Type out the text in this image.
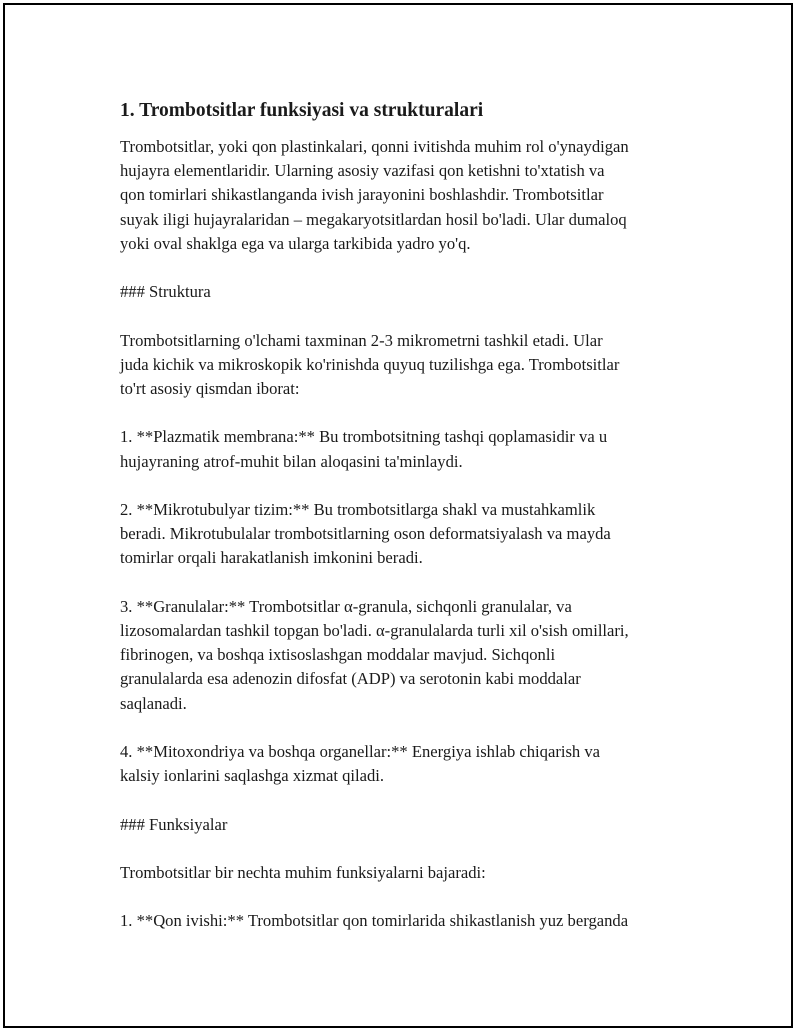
1. Trombotsitlar funksiyasi va strukturalari
Trombotsitlar, yoki qon plastinkalari, qonni ivitishda muhim rol o'ynaydigan
hujayra elementlaridir. Ularning asosiy vazifasi qon ketishni to'xtatish va
qon tomirlari shikastlanganda ivish jarayonini boshlashdir. Trombotsitlar
suyak iligi hujayralaridan – megakaryotsitlardan hosil bo'ladi. Ular dumaloq
yoki oval shaklga ega va ularga tarkibida yadro yo'q.
### Struktura
Trombotsitlarning o'lchami taxminan 2-3 mikrometrni tashkil etadi. Ular
juda kichik va mikroskopik ko'rinishda quyuq tuzilishga ega. Trombotsitlar
to'rt asosiy qismdan iborat:
1. **Plazmatik membrana:** Bu trombotsitning tashqi qoplamasidir va u
hujayraning atrof-muhit bilan aloqasini ta'minlaydi.
2. **Mikrotubulyar tizim:** Bu trombotsitlarga shakl va mustahkamlik
beradi. Mikrotubulalar trombotsitlarning oson deformatsiyalash va mayda
tomirlar orqali harakatlanish imkonini beradi.
3. **Granulalar:** Trombotsitlar α-granula, sichqonli granulalar, va
lizosomalardan tashkil topgan bo'ladi. α-granulalarda turli xil o'sish omillari,
fibrinogen, va boshqa ixtisoslashgan moddalar mavjud. Sichqonli
granulalarda esa adenozin difosfat (ADP) va serotonin kabi moddalar
saqlanadi.
4. **Mitoxondriya va boshqa organellar:** Energiya ishlab chiqarish va
kalsiy ionlarini saqlashga xizmat qiladi.
### Funksiyalar
Trombotsitlar bir nechta muhim funksiyalarni bajaradi:
1. **Qon ivishi:** Trombotsitlar qon tomirlarida shikastlanish yuz berganda
